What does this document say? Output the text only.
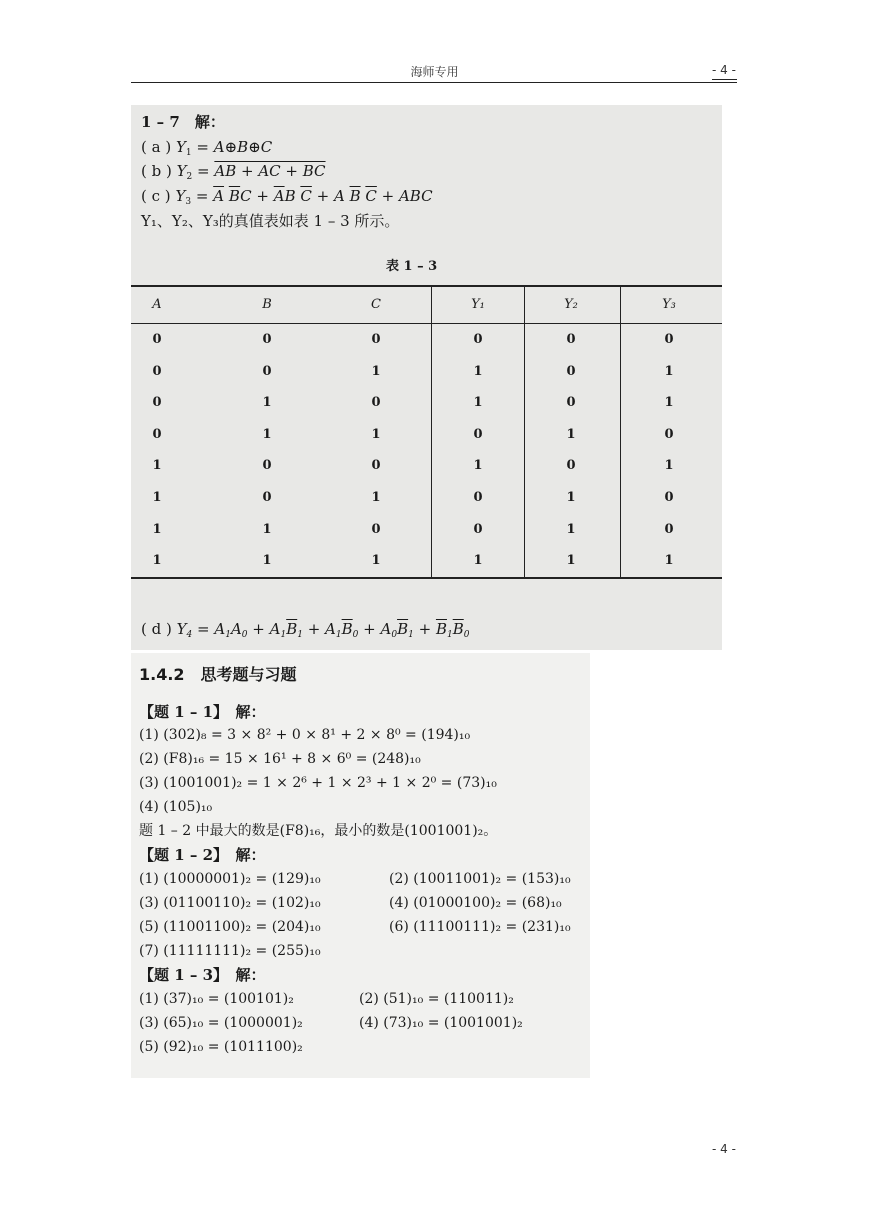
海师专用	- 4 -
1 – 7　解：
( a ) $Y_1$ = A⊕B⊕C
( b ) $Y_2$ = AB + AC + BC
( c ) $Y_3 = \overline{A}$ $\overline{B}C + \overline{A}B$ $\overline{C} + A$ $\overline{B}$ $\overline{C}$ + ABC
Y₁、Y₂、Y₃的真值表如表 1 – 3 所示。
表 1 – 3
A	B	C	Y₁	Y₂	Y₃
0	0	0	0	0	0
0	0	1	1	0	1
0	1	0	1	0	1
0	1	1	0	1	0
1	0	0	1	0	1
1	0	1	0	1	0
1	1	0	0	1	0
1	1	1	1	1	1
( d ) $Y_4 = A_1A_0 + A_1\overline{B}_1 + A_1\overline{B}_0 + A_0\overline{B}_1 + \overline{B}_1\overline{B}_0$
1.4.2　思考题与习题
【题 1 – 1】　解：
(1) (302)₈ = 3 × 8² + 0 × 8¹ + 2 × 8⁰ = (194)₁₀
(2) (F8)₁₆ = 15 × 16¹ + 8 × 6⁰ = (248)₁₀
(3) (1001001)₂ = 1 × 2⁶ + 1 × 2³ + 1 × 2⁰ = (73)₁₀
(4) (105)₁₀
题 1 – 2 中最大的数是(F8)₁₆，最小的数是(1001001)₂。
【题 1 – 2】　解：
(1) (10000001)₂ = (129)₁₀	(2) (10011001)₂ = (153)₁₀
(3) (01100110)₂ = (102)₁₀	(4) (01000100)₂ = (68)₁₀
(5) (11001100)₂ = (204)₁₀	(6) (11100111)₂ = (231)₁₀
(7) (11111111)₂ = (255)₁₀
【题 1 – 3】　解：
(1) (37)₁₀ = (100101)₂	(2) (51)₁₀ = (110011)₂
(3) (65)₁₀ = (1000001)₂	(4) (73)₁₀ = (1001001)₂
(5) (92)₁₀ = (1011100)₂
- 4 -
